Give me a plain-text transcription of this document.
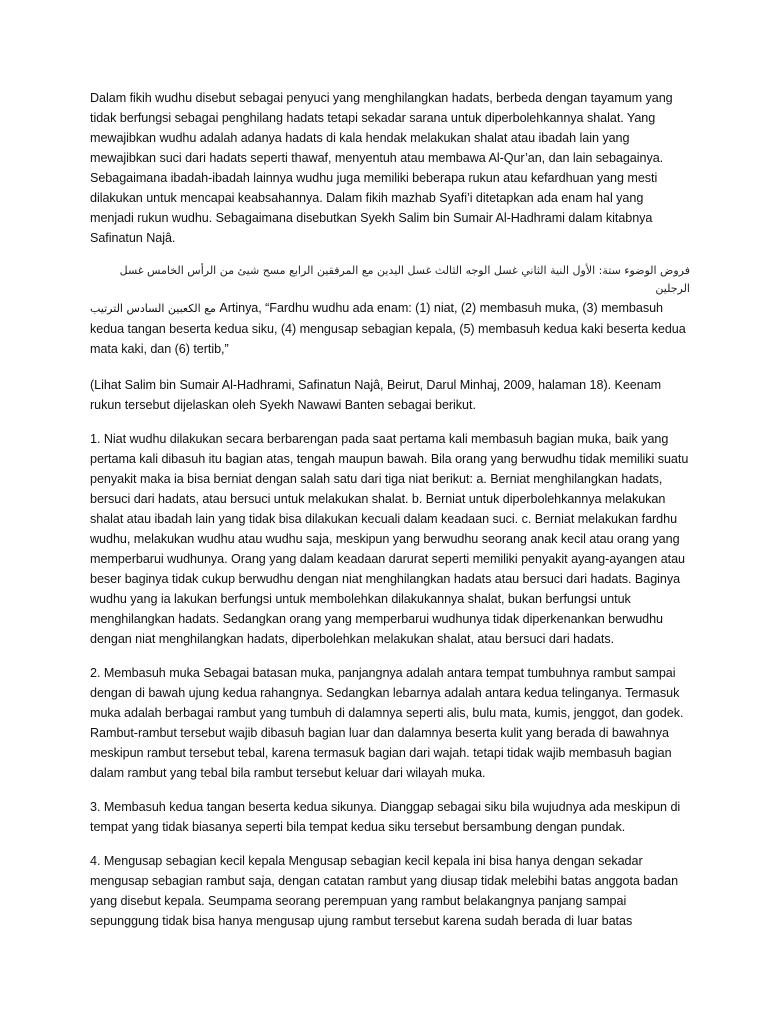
Dalam fikih wudhu disebut sebagai penyuci yang menghilangkan hadats, berbeda dengan tayamum yang tidak berfungsi sebagai penghilang hadats tetapi sekadar sarana untuk diperbolehkannya shalat. Yang mewajibkan wudhu adalah adanya hadats di kala hendak melakukan shalat atau ibadah lain yang mewajibkan suci dari hadats seperti thawaf, menyentuh atau membawa Al-Qur’an, dan lain sebagainya. Sebagaimana ibadah-ibadah lainnya wudhu juga memiliki beberapa rukun atau kefardhuan yang mesti dilakukan untuk mencapai keabsahannya. Dalam fikih mazhab Syafi’i ditetapkan ada enam hal yang menjadi rukun wudhu. Sebagaimana disebutkan Syekh Salim bin Sumair Al-Hadhrami dalam kitabnya Safinatun Najâ.

فروض الوضوء ستة: الأول النية الثاني غسل الوجه الثالث غسل اليدين مع المرفقين الرابع مسح شيئ من الرأس الخامس غسل الرجلين

مع الكعبين السادس الترتيب Artinya, “Fardhu wudhu ada enam: (1) niat, (2) membasuh muka, (3) membasuh kedua tangan beserta kedua siku, (4) mengusap sebagian kepala, (5) membasuh kedua kaki beserta kedua mata kaki, dan (6) tertib,”

(Lihat Salim bin Sumair Al-Hadhrami, Safinatun Najâ, Beirut, Darul Minhaj, 2009, halaman 18). Keenam rukun tersebut dijelaskan oleh Syekh Nawawi Banten sebagai berikut.

1. Niat wudhu dilakukan secara berbarengan pada saat pertama kali membasuh bagian muka, baik yang pertama kali dibasuh itu bagian atas, tengah maupun bawah. Bila orang yang berwudhu tidak memiliki suatu penyakit maka ia bisa berniat dengan salah satu dari tiga niat berikut: a. Berniat menghilangkan hadats, bersuci dari hadats, atau bersuci untuk melakukan shalat. b. Berniat untuk diperbolehkannya melakukan shalat atau ibadah lain yang tidak bisa dilakukan kecuali dalam keadaan suci. c. Berniat melakukan fardhu wudhu, melakukan wudhu atau wudhu saja, meskipun yang berwudhu seorang anak kecil atau orang yang memperbarui wudhunya. Orang yang dalam keadaan darurat seperti memiliki penyakit ayang-ayangen atau beser baginya tidak cukup berwudhu dengan niat menghilangkan hadats atau bersuci dari hadats. Baginya wudhu yang ia lakukan berfungsi untuk membolehkan dilakukannya shalat, bukan berfungsi untuk menghilangkan hadats. Sedangkan orang yang memperbarui wudhunya tidak diperkenankan berwudhu dengan niat menghilangkan hadats, diperbolehkan melakukan shalat, atau bersuci dari hadats.

2. Membasuh muka Sebagai batasan muka, panjangnya adalah antara tempat tumbuhnya rambut sampai dengan di bawah ujung kedua rahangnya. Sedangkan lebarnya adalah antara kedua telinganya. Termasuk muka adalah berbagai rambut yang tumbuh di dalamnya seperti alis, bulu mata, kumis, jenggot, dan godek. Rambut-rambut tersebut wajib dibasuh bagian luar dan dalamnya beserta kulit yang berada di bawahnya meskipun rambut tersebut tebal, karena termasuk bagian dari wajah. tetapi tidak wajib membasuh bagian dalam rambut yang tebal bila rambut tersebut keluar dari wilayah muka.

3. Membasuh kedua tangan beserta kedua sikunya. Dianggap sebagai siku bila wujudnya ada meskipun di tempat yang tidak biasanya seperti bila tempat kedua siku tersebut bersambung dengan pundak.

4. Mengusap sebagian kecil kepala Mengusap sebagian kecil kepala ini bisa hanya dengan sekadar mengusap sebagian rambut saja, dengan catatan rambut yang diusap tidak melebihi batas anggota badan yang disebut kepala. Seumpama seorang perempuan yang rambut belakangnya panjang sampai sepunggung tidak bisa hanya mengusap ujung rambut tersebut karena sudah berada di luar batas
